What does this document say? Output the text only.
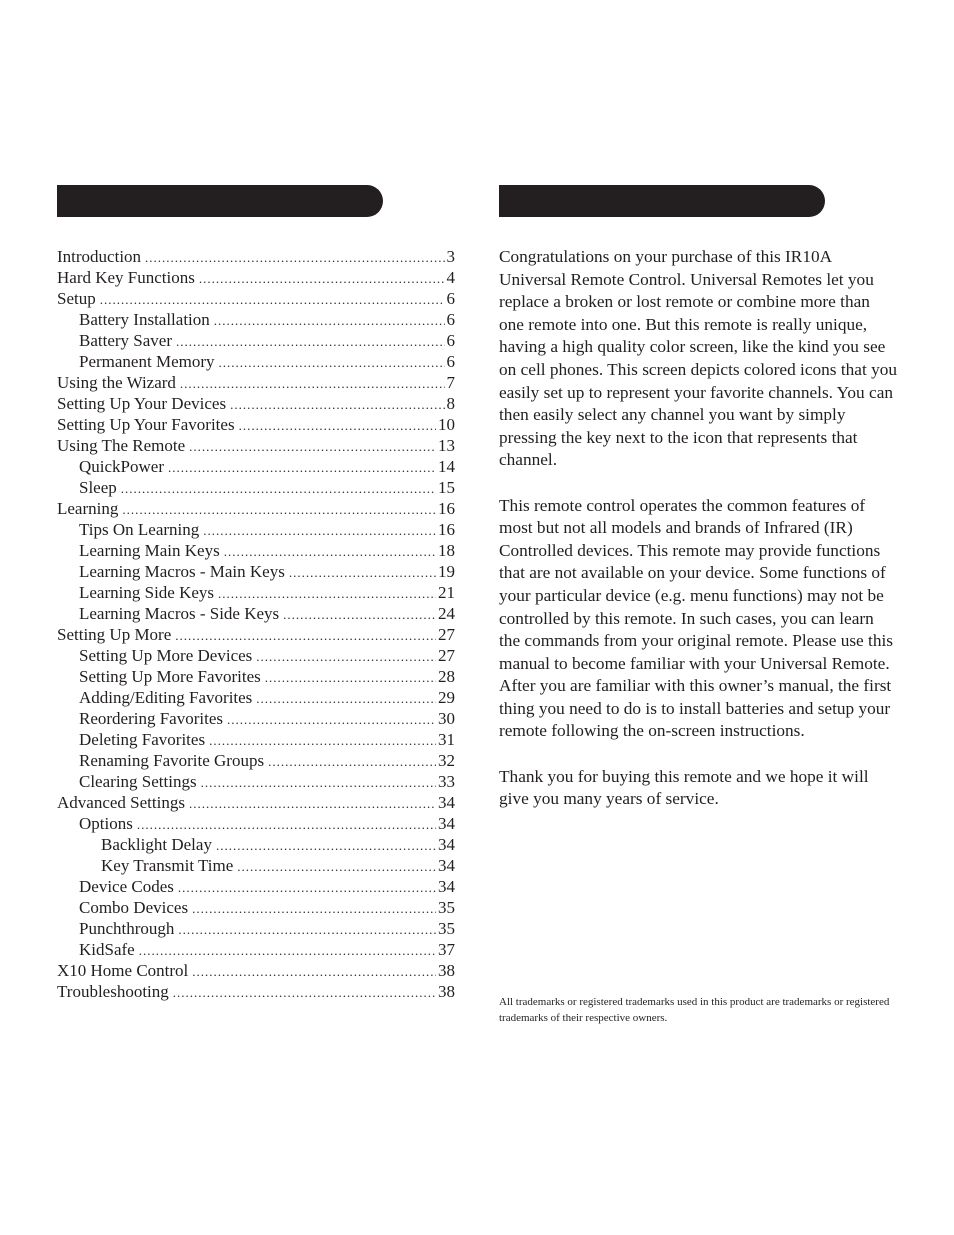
Introduction .....	3
Hard Key Functions .....	4
Setup .....	6
Battery Installation .....	6
Battery Saver .....	6
Permanent Memory .....	6
Using the Wizard .....	7
Setting Up Your Devices .....	8
Setting Up Your Favorites .....	10
Using The Remote .....	13
QuickPower .....	14
Sleep .....	15
Learning .....	16
Tips On Learning .....	16
Learning Main Keys .....	18
Learning Macros - Main Keys .....	19
Learning Side Keys .....	21
Learning Macros - Side Keys .....	24
Setting Up More .....	27
Setting Up More Devices .....	27
Setting Up More Favorites .....	28
Adding/Editing Favorites .....	29
Reordering Favorites .....	30
Deleting Favorites .....	31
Renaming Favorite Groups .....	32
Clearing Settings .....	33
Advanced Settings .....	34
Options .....	34
Backlight Delay .....	34
Key Transmit Time .....	34
Device Codes .....	34
Combo Devices .....	35
Punchthrough .....	35
KidSafe .....	37
X10 Home Control .....	38
Troubleshooting .....	38

Congratulations on your purchase of this IR10A Universal Remote Control. Universal Remotes let you replace a broken or lost remote or combine more than one remote into one. But this remote is really unique, having a high quality color screen, like the kind you see on cell phones. This screen depicts colored icons that you easily set up to represent your favorite channels. You can then easily select any channel you want by simply pressing the key next to the icon that represents that channel.

This remote control operates the common features of most but not all models and brands of Infrared (IR) Controlled devices. This remote may provide functions that are not available on your device. Some functions of your particular device (e.g. menu functions) may not be controlled by this remote. In such cases, you can learn the commands from your original remote. Please use this manual to become familiar with your Universal Remote. After you are familiar with this owner’s manual, the first thing you need to do is to install batteries and setup your remote following the on-screen instructions.

Thank you for buying this remote and we hope it will give you many years of service.

All trademarks or registered trademarks used in this product are trademarks or registered trademarks of their respective owners.
